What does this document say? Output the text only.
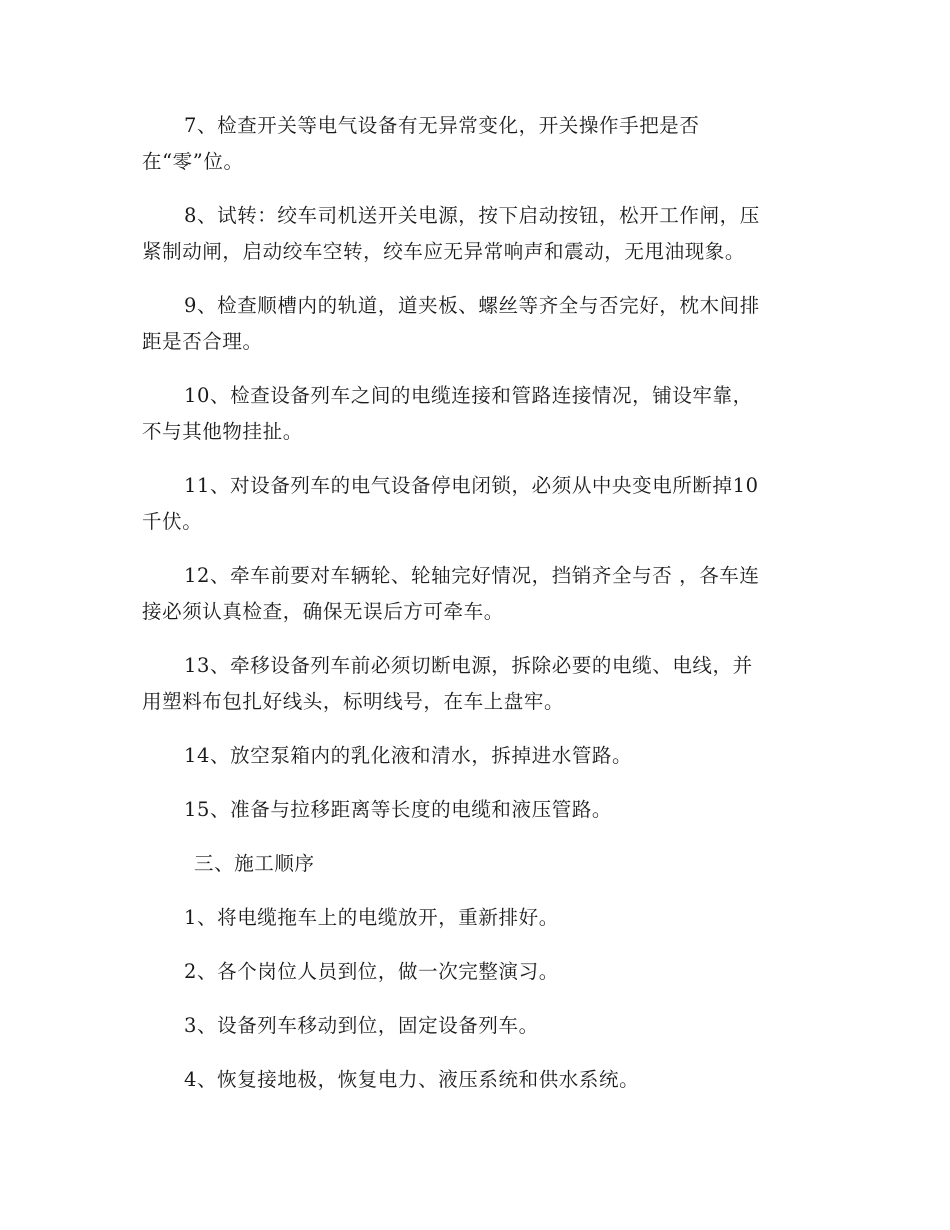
7、检查开关等电气设备有无异常变化，开关操作手把是否
在“零”位。

8、试转：绞车司机送开关电源，按下启动按钮，松开工作闸，压
紧制动闸，启动绞车空转，绞车应无异常响声和震动，无甩油现象。

9、检查顺槽内的轨道，道夹板、螺丝等齐全与否完好，枕木间排
距是否合理。

10、检查设备列车之间的电缆连接和管路连接情况，铺设牢靠，
不与其他物挂扯。

11、对设备列车的电气设备停电闭锁，必须从中央变电所断掉10
千伏。

12、牵车前要对车辆轮、轮轴完好情况，挡销齐全与否 ，各车连
接必须认真检查，确保无误后方可牵车。

13、牵移设备列车前必须切断电源，拆除必要的电缆、电线，并
用塑料布包扎好线头，标明线号，在车上盘牢。

14、放空泵箱内的乳化液和清水，拆掉进水管路。

15、准备与拉移距离等长度的电缆和液压管路。

三、施工顺序

1、将电缆拖车上的电缆放开，重新排好。

2、各个岗位人员到位，做一次完整演习。

3、设备列车移动到位，固定设备列车。

4、恢复接地极，恢复电力、液压系统和供水系统。
